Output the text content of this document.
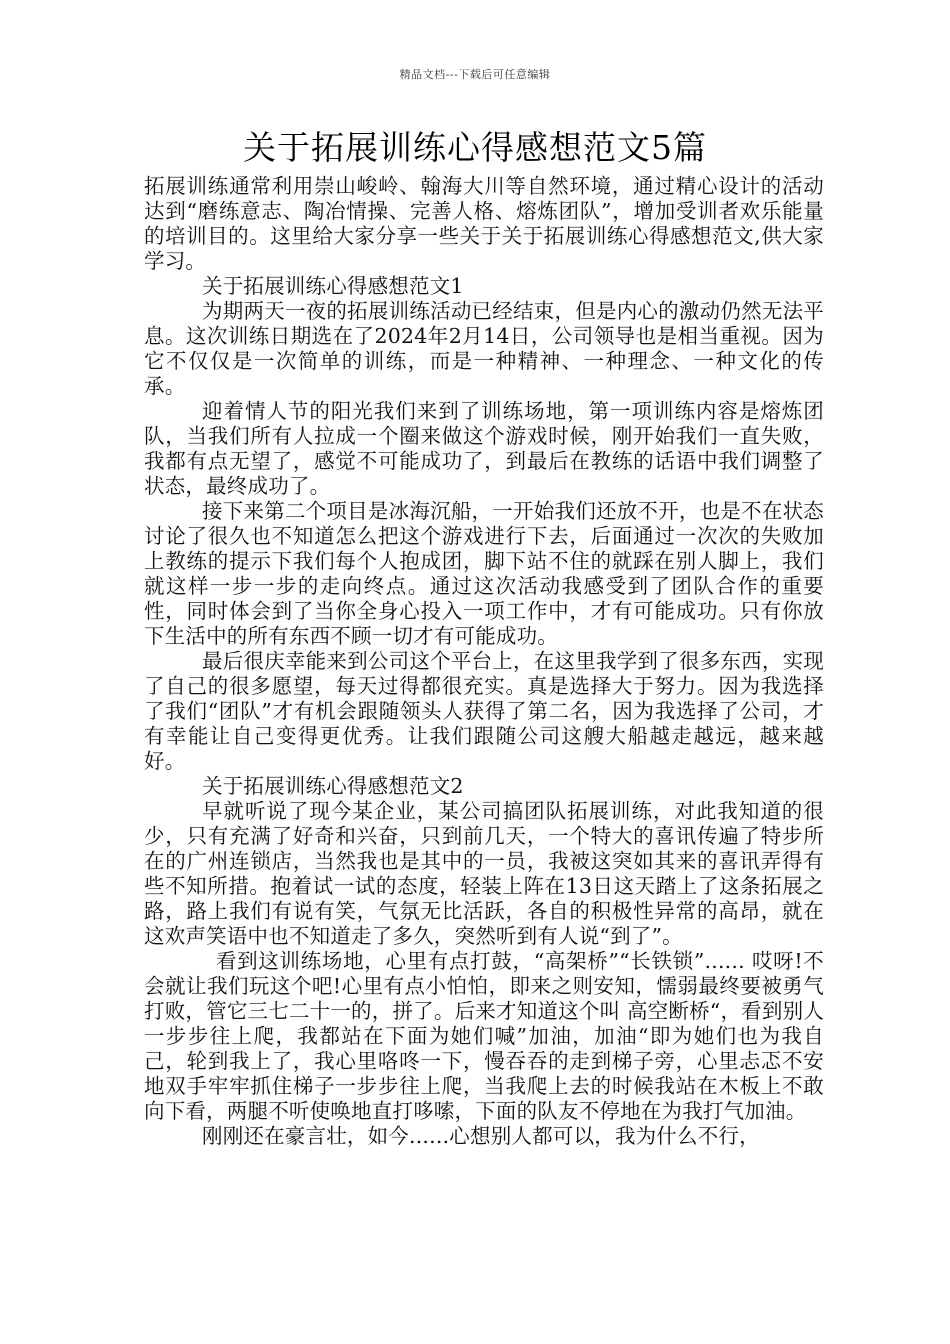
精品文档---下载后可任意编辑
关于拓展训练心得感想范文5篇

拓展训练通常利用崇山峻岭、翰海大川等自然环境，通过精心设计的活动达到“磨练意志、陶冶情操、完善人格、熔炼团队”，增加受训者欢乐能量的培训目的。这里给大家分享一些关于关于拓展训练心得感想范文,供大家学习。

关于拓展训练心得感想范文1

为期两天一夜的拓展训练活动已经结束，但是内心的激动仍然无法平息。这次训练日期选在了2024年2月14日，公司领导也是相当重视。因为它不仅仅是一次简单的训练，而是一种精神、一种理念、一种文化的传承。

迎着情人节的阳光我们来到了训练场地，第一项训练内容是熔炼团队，当我们所有人拉成一个圈来做这个游戏时候，刚开始我们一直失败，我都有点无望了，感觉不可能成功了，到最后在教练的话语中我们调整了状态，最终成功了。

接下来第二个项目是冰海沉船，一开始我们还放不开，也是不在状态讨论了很久也不知道怎么把这个游戏进行下去，后面通过一次次的失败加上教练的提示下我们每个人抱成团，脚下站不住的就踩在别人脚上，我们就这样一步一步的走向终点。通过这次活动我感受到了团队合作的重要性，同时体会到了当你全身心投入一项工作中，才有可能成功。只有你放下生活中的所有东西不顾一切才有可能成功。

最后很庆幸能来到公司这个平台上，在这里我学到了很多东西，实现了自己的很多愿望，每天过得都很充实。真是选择大于努力。因为我选择了我们“团队”才有机会跟随领头人获得了第二名，因为我选择了公司，才有幸能让自己变得更优秀。让我们跟随公司这艘大船越走越远，越来越好。

关于拓展训练心得感想范文2

早就听说了现今某企业，某公司搞团队拓展训练，对此我知道的很少，只有充满了好奇和兴奋，只到前几天，一个特大的喜讯传遍了特步所在的广州连锁店，当然我也是其中的一员，我被这突如其来的喜讯弄得有些不知所措。抱着试一试的态度，轻装上阵在13日这天踏上了这条拓展之路，路上我们有说有笑，气氛无比活跃，各自的积极性异常的高昂，就在这欢声笑语中也不知道走了多久，突然听到有人说“到了”。

看到这训练场地，心里有点打鼓，“高架桥”“长铁锁”...... 哎呀!不会就让我们玩这个吧!心里有点小怕怕，即来之则安知，懦弱最终要被勇气打败，管它三七二十一的，拼了。后来才知道这个叫 高空断桥“，看到别人一步步往上爬，我都站在下面为她们喊”加油，加油“即为她们也为我自己，轮到我上了，我心里咯咚一下，慢吞吞的走到梯子旁，心里忐忑不安地双手牢牢抓住梯子一步步往上爬，当我爬上去的时候我站在木板上不敢向下看，两腿不听使唤地直打哆嗦，下面的队友不停地在为我打气加油。

刚刚还在豪言壮，如今......心想别人都可以，我为什么不行，
